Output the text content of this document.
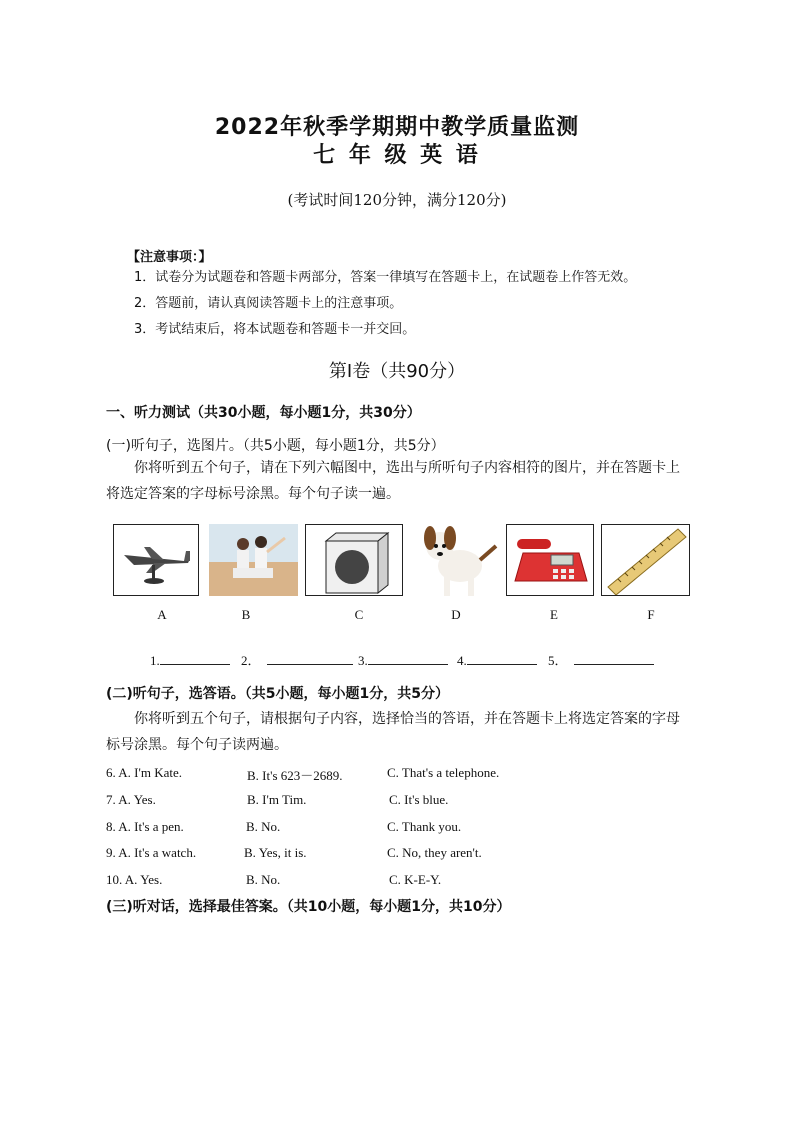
2022年秋季学期期中教学质量监测
七 年 级 英 语
(考试时间120分钟，满分120分)
【注意事项：】
1．试卷分为试题卷和答题卡两部分，答案一律填写在答题卡上，在试题卷上作答无效。
2．答题前，请认真阅读答题卡上的注意事项。
3．考试结束后，将本试题卷和答题卡一并交回。
第Ⅰ卷（共90分）
一、听力测试（共30小题，每小题1分，共30分）
(一)听句子，选图片。（共5小题，每小题1分，共5分）
你将听到五个句子，请在下列六幅图中，选出与所听句子内容相符的图片，并在答题卡上将选定答案的字母标号涂黑。每个句子读一遍。
A	B	C	D	E	F
1.	2．	3.	4.	5．
(二)听句子，选答语。（共5小题，每小题1分，共5分）
你将听到五个句子，请根据句子内容，选择恰当的答语，并在答题卡上将选定答案的字母标号涂黑。每个句子读两遍。
6. A. I'm Kate.	B. It's 623－2689.	C. That's a telephone.
7. A. Yes.	B. I'm Tim.	C. It's blue.
8. A. It's a pen.	B. No.	C. Thank you.
9. A. It's a watch.	B. Yes, it is.	C. No, they aren't.
10. A. Yes.	B. No.	C. K-E-Y.
(三)听对话，选择最佳答案。（共10小题，每小题1分，共10分）
